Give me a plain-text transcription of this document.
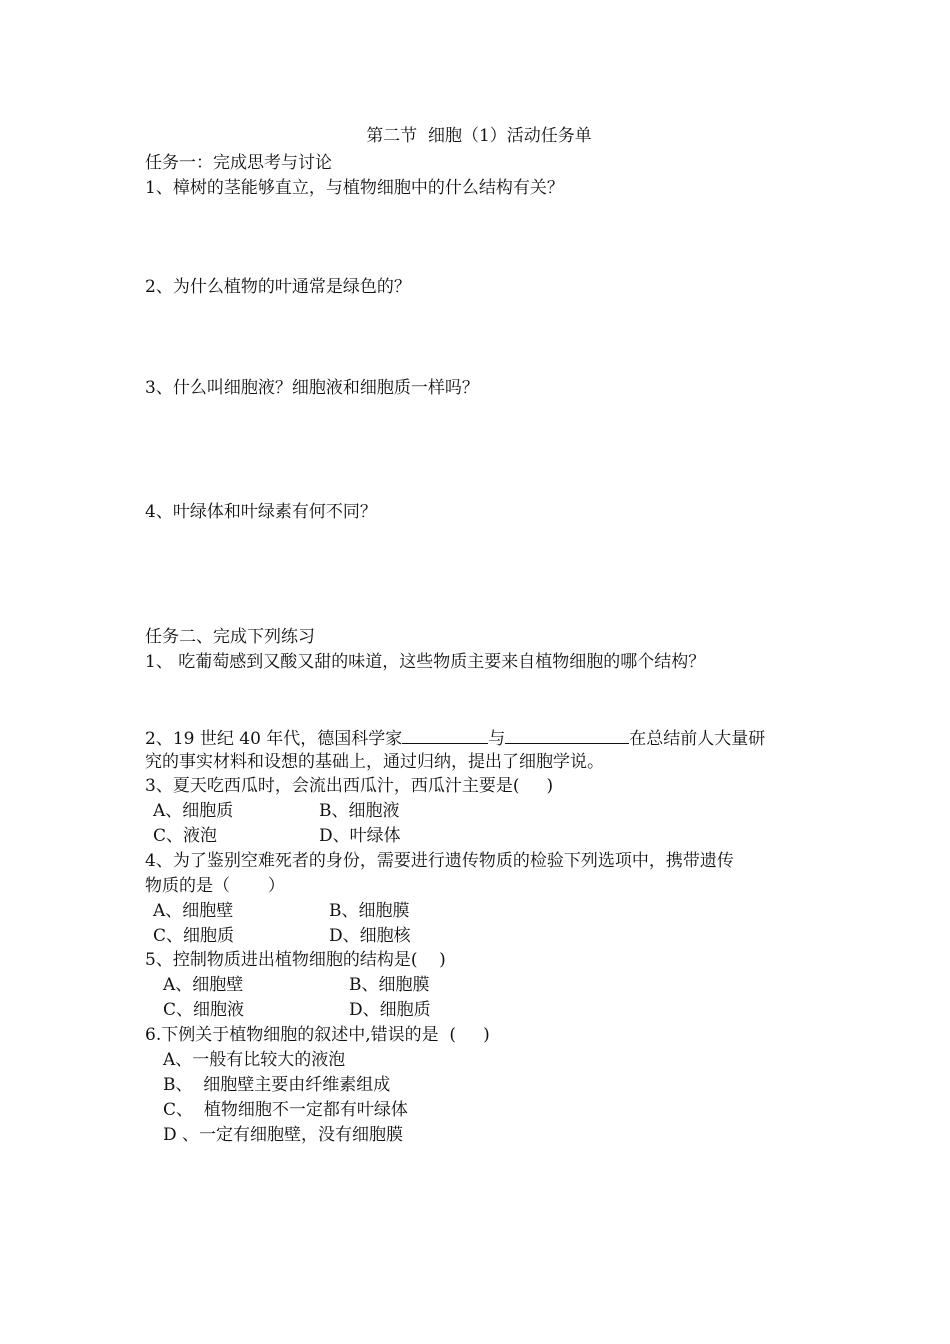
第二节  细胞（1）活动任务单
任务一：完成思考与讨论
1、樟树的茎能够直立，与植物细胞中的什么结构有关？
2、为什么植物的叶通常是绿色的？
3、什么叫细胞液？细胞液和细胞质一样吗？
4、叶绿体和叶绿素有何不同？
任务二、完成下列练习
1、 吃葡萄感到又酸又甜的味道，这些物质主要来自植物细胞的哪个结构？
2、19 世纪 40 年代，德国科学家	与	在总结前人大量研
究的事实材料和设想的基础上，通过归纳，提出了细胞学说。
3、夏天吃西瓜时，会流出西瓜汁，西瓜汁主要是(     )
A、细胞质	B、细胞液
C、液泡	D、叶绿体
4、为了鉴别空难死者的身份，需要进行遗传物质的检验下列选项中，携带遗传
物质的是（       ）
A、细胞壁	B、细胞膜
C、细胞质	D、细胞核
5、控制物质进出植物细胞的结构是(    )
A、细胞壁	B、细胞膜
C、细胞液	D、细胞质
6.下例关于植物细胞的叙述中,错误的是  (     )
A、一般有比较大的液泡
B、  细胞壁主要由纤维素组成
C、  植物细胞不一定都有叶绿体
D 、一定有细胞壁，没有细胞膜
